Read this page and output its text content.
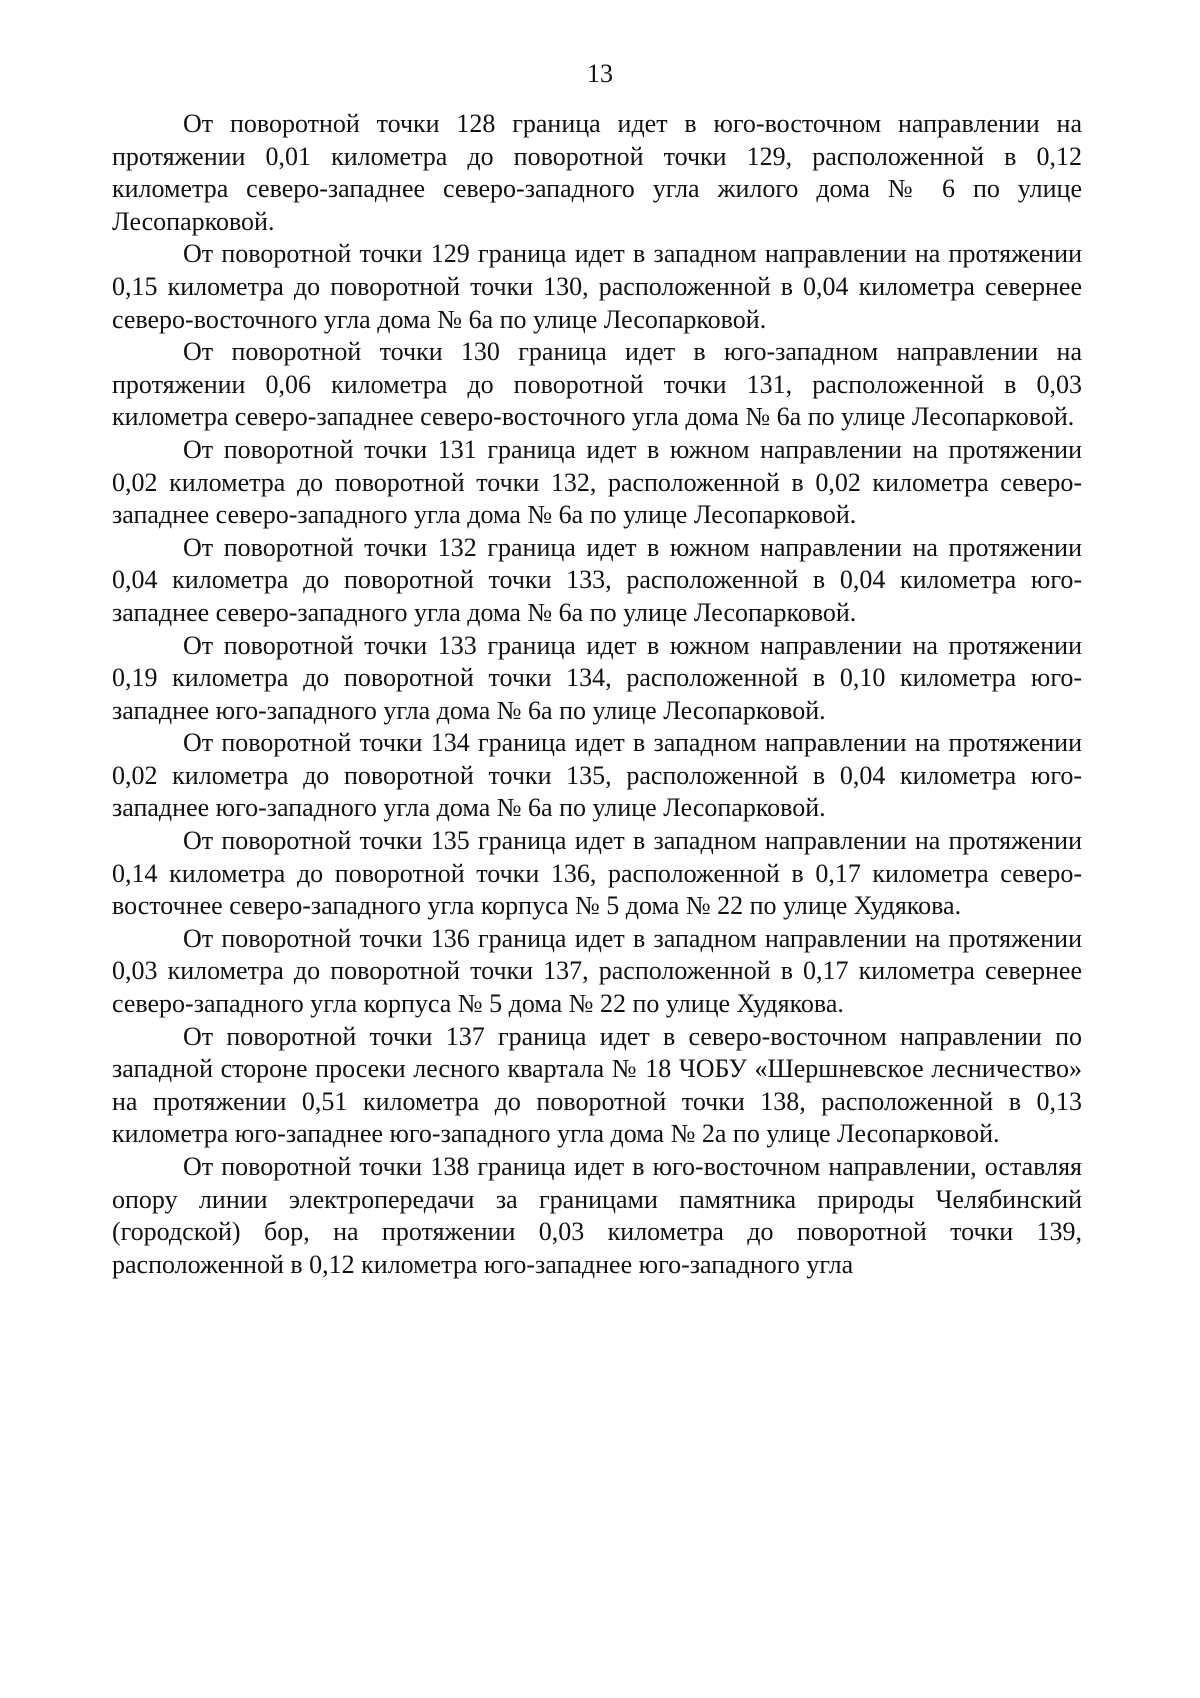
13

От поворотной точки 128 граница идет в юго-восточном направлении на протяжении 0,01 километра до поворотной точки 129, расположенной в 0,12 километра северо-западнее северо-западного угла жилого дома № 6 по улице Лесопарковой.

От поворотной точки 129 граница идет в западном направлении на протяжении 0,15 километра до поворотной точки 130, расположенной в 0,04 километра севернее северо-восточного угла дома № 6а по улице Лесопарковой.

От поворотной точки 130 граница идет в юго-западном направлении на протяжении 0,06 километра до поворотной точки 131, расположенной в 0,03 километра северо-западнее северо-восточного угла дома № 6а по улице Лесопарковой.

От поворотной точки 131 граница идет в южном направлении на протяжении 0,02 километра до поворотной точки 132, расположенной в 0,02 километра северо-западнее северо-западного угла дома № 6а по улице Лесопарковой.

От поворотной точки 132 граница идет в южном направлении на протяжении 0,04 километра до поворотной точки 133, расположенной в 0,04 километра юго-западнее северо-западного угла дома № 6а по улице Лесопарковой.

От поворотной точки 133 граница идет в южном направлении на протяжении 0,19 километра до поворотной точки 134, расположенной в 0,10 километра юго-западнее юго-западного угла дома № 6а по улице Лесопарковой.

От поворотной точки 134 граница идет в западном направлении на протяжении 0,02 километра до поворотной точки 135, расположенной в 0,04 километра юго-западнее юго-западного угла дома № 6а по улице Лесопарковой.

От поворотной точки 135 граница идет в западном направлении на протяжении 0,14 километра до поворотной точки 136, расположенной в 0,17 километра северо-восточнее северо-западного угла корпуса № 5 дома № 22 по улице Худякова.

От поворотной точки 136 граница идет в западном направлении на протяжении 0,03 километра до поворотной точки 137, расположенной в 0,17 километра севернее северо-западного угла корпуса № 5 дома № 22 по улице Худякова.

От поворотной точки 137 граница идет в северо-восточном направлении по западной стороне просеки лесного квартала № 18 ЧОБУ «Шершневское лесничество» на протяжении 0,51 километра до поворотной точки 138, расположенной в 0,13 километра юго-западнее юго-западного угла дома № 2а по улице Лесопарковой.

От поворотной точки 138 граница идет в юго-восточном направлении, оставляя опору линии электропередачи за границами памятника природы Челябинский (городской) бор, на протяжении 0,03 километра до поворотной точки 139, расположенной в 0,12 километра юго-западнее юго-западного угла
